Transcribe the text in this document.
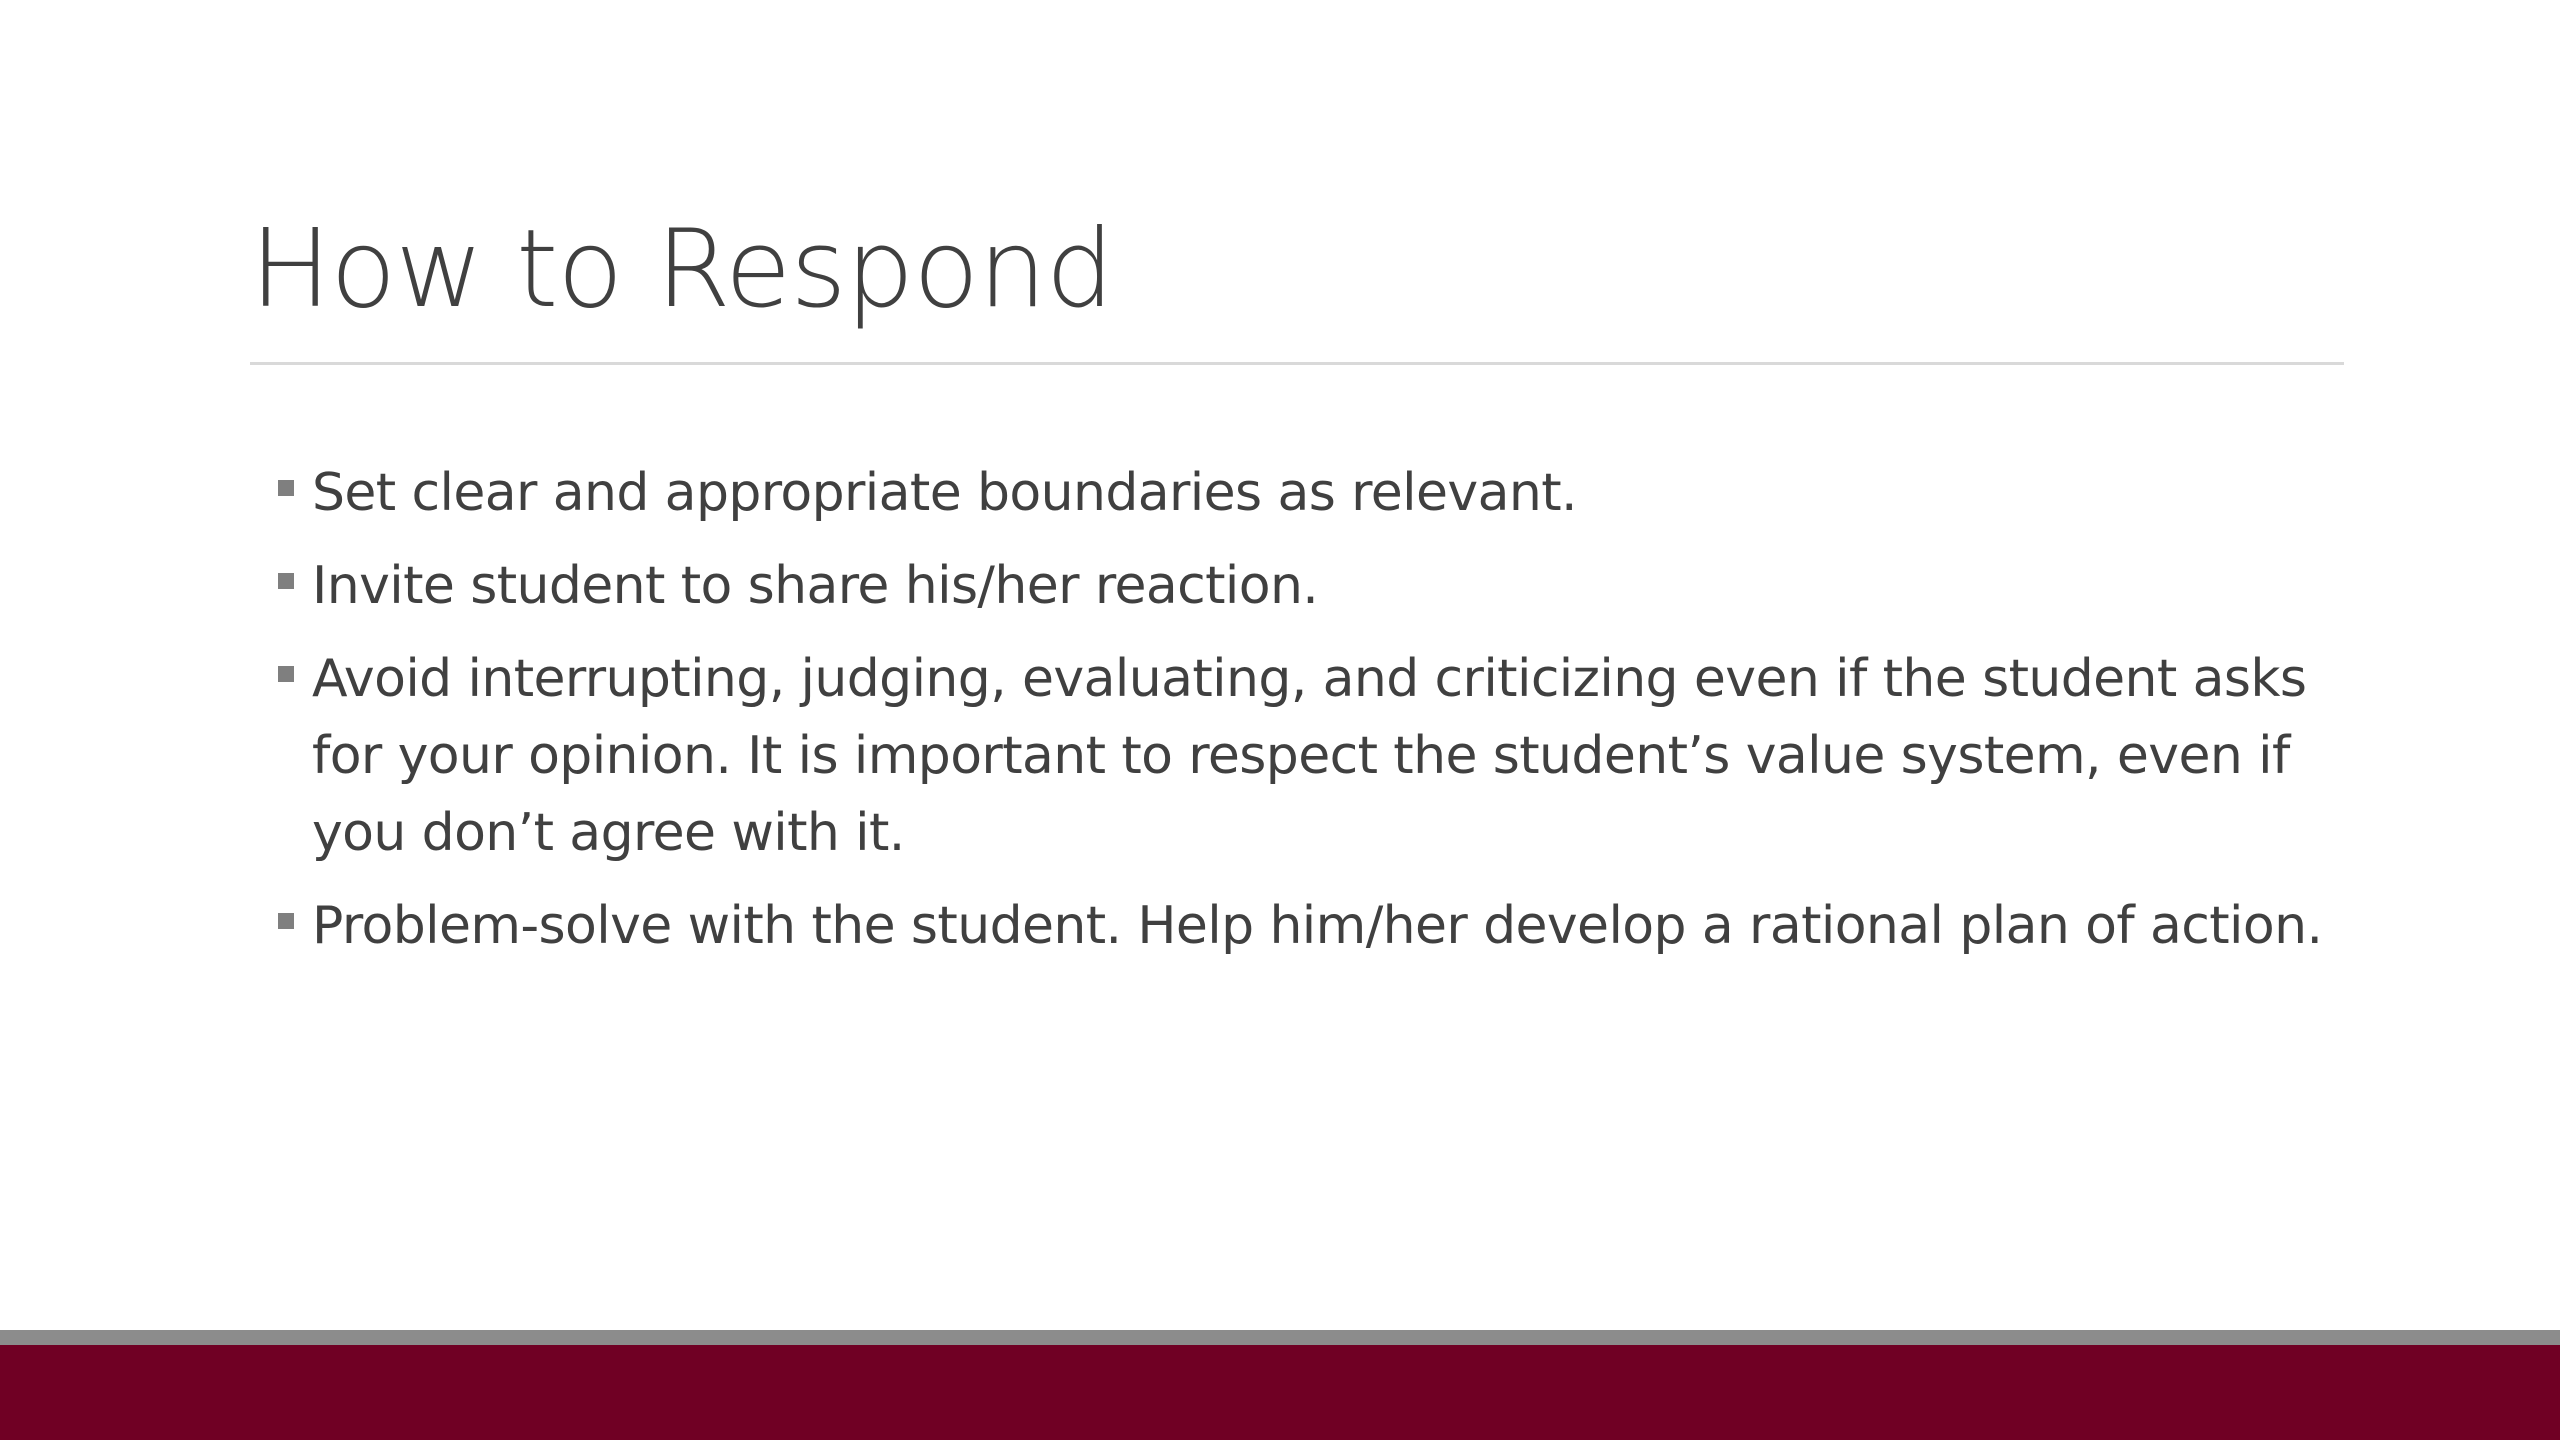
How to Respond
Set clear and appropriate boundaries as relevant.
Invite student to share his/her reaction.
Avoid interrupting, judging, evaluating, and criticizing even if the student asks for your opinion. It is important to respect the student’s value system, even if you don’t agree with it.
Problem-solve with the student. Help him/her develop a rational plan of action.
